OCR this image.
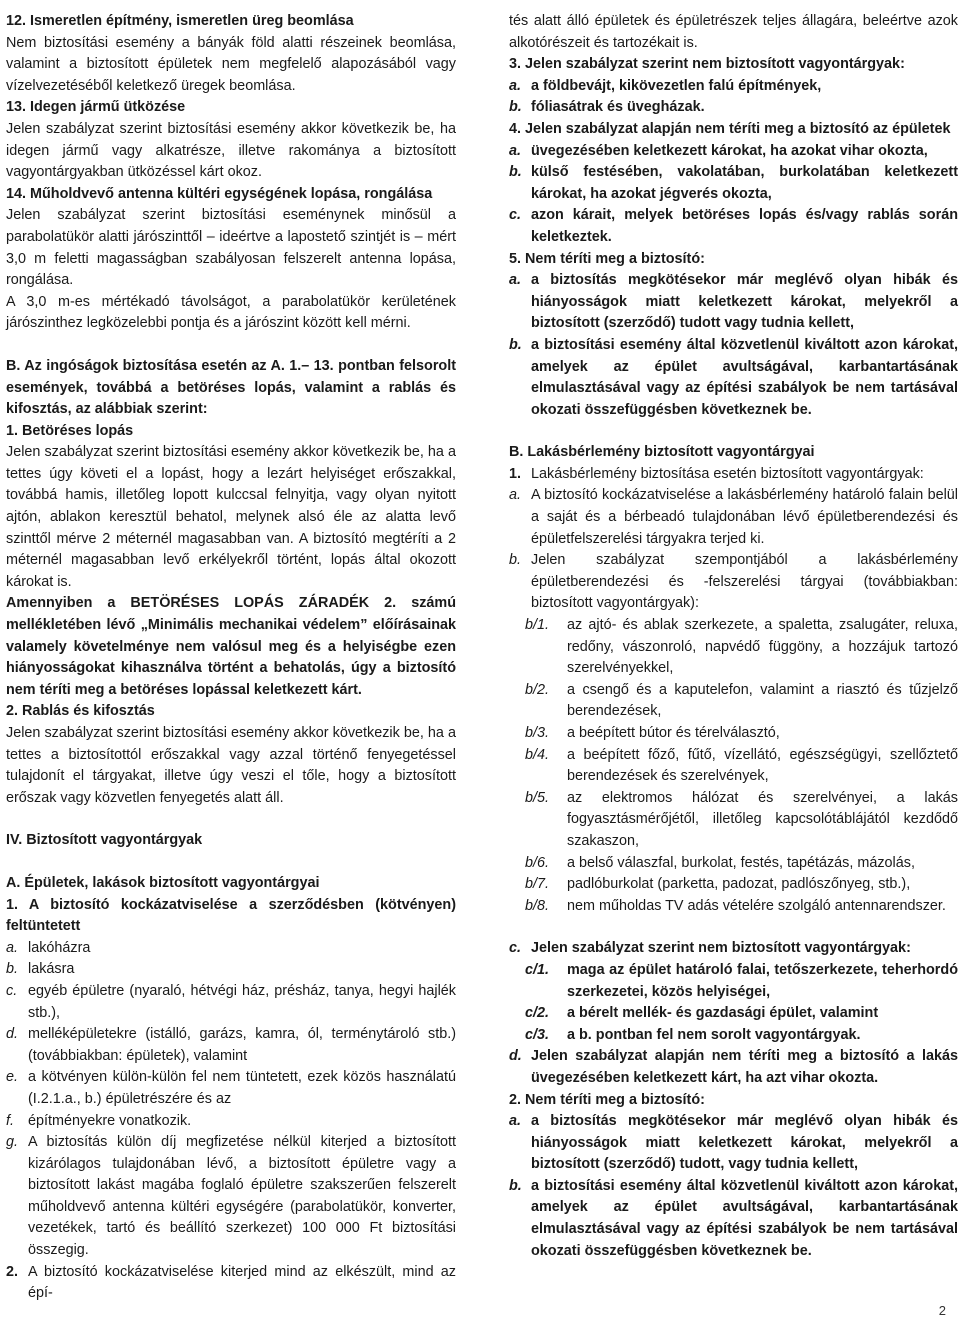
12. Ismeretlen építmény, ismeretlen üreg beomlása

Nem biztosítási esemény a bányák föld alatti részeinek beomlása, valamint a biztosított épületek nem megfelelő alapozásából vagy vízelvezetéséből keletkező üregek beomlása.

13. Idegen jármű ütközése

Jelen szabályzat szerint biztosítási esemény akkor következik be, ha idegen jármű vagy alkatrésze, illetve rakománya a biztosított vagyontárgyakban ütközéssel kárt okoz.

14. Műholdvevő antenna kültéri egységének lopása, rongálása

Jelen szabályzat szerint biztosítási eseménynek minősül a parabolatükör alatti járószinttől – ideértve a lapostető szintjét is – mért 3,0 m feletti magasságban szabályosan felszerelt antenna lopása, rongálása.

A 3,0 m-es mértékadó távolságot, a parabolatükör kerületének járószinthez legközelebbi pontja és a járószint között kell mérni.

B. Az ingóságok biztosítása esetén az A. 1.– 13. pontban felsorolt események, továbbá a betöréses lopás, valamint a rablás és kifosztás, az alábbiak szerint:

1. Betöréses lopás

Jelen szabályzat szerint biztosítási esemény akkor következik be, ha a tettes úgy követi el a lopást, hogy a lezárt helyiséget erőszakkal, továbbá hamis, illetőleg lopott kulccsal felnyitja, vagy olyan nyitott ajtón, ablakon keresztül behatol, melynek alsó éle az alatta levő szinttől mérve 2 méternél magasabban van. A biztosító megtéríti a 2 méternél magasabban levő erkélyekről történt, lopás által okozott károkat is.

Amennyiben a BETÖRÉSES LOPÁS ZÁRADÉK 2. számú mellékletében lévő „Minimális mechanikai védelem” előírásainak valamely követelménye nem valósul meg és a helyiségbe ezen hiányosságokat kihasználva történt a behatolás, úgy a biztosító nem téríti meg a betöréses lopással keletkezett kárt.

2. Rablás és kifosztás

Jelen szabályzat szerint biztosítási esemény akkor következik be, ha a tettes a biztosítottól erőszakkal vagy azzal történő fenyegetéssel tulajdonít el tárgyakat, illetve úgy veszi el tőle, hogy a biztosított erőszak vagy közvetlen fenyegetés alatt áll.

IV. Biztosított vagyontárgyak

A. Épületek, lakások biztosított vagyontárgyai

1. A biztosító kockázatviselése a szerződésben (kötvényen) feltüntetett

a. lakóházra

b. lakásra

c. egyéb épületre (nyaraló, hétvégi ház, présház, tanya, hegyi hajlék stb.),

d. melléképületekre (istálló, garázs, kamra, ól, terménytároló stb.) (továbbiakban: épületek), valamint

e. a kötvényen külön-külön fel nem tüntetett, ezek közös használatú (I.2.1.a., b.) épületrészére és az

f. építményekre vonatkozik.

g. A biztosítás külön díj megfizetése nélkül kiterjed a biztosított kizárólagos tulajdonában lévő, a biztosított épületre vagy a biztosított lakást magába foglaló épületre szakszerűen felszerelt műholdvevő antenna kültéri egységére (parabolatükör, konverter, vezetékek, tartó és beállító szerkezet) 100 000 Ft biztosítási összegig.

2. A biztosító kockázatviselése kiterjed mind az elkészült, mind az épí-

tés alatt álló épületek és épületrészek teljes állagára, beleértve azok alkotórészeit és tartozékait is.

3. Jelen szabályzat szerint nem biztosított vagyontárgyak:

a. a földbevájt, kikövezetlen falú építmények,

b. fóliasátrak és üvegházak.

4. Jelen szabályzat alapján nem téríti meg a biztosító az épületek

a. üvegezésében keletkezett károkat, ha azokat vihar okozta,

b. külső festésében, vakolatában, burkolatában keletkezett károkat, ha azokat jégverés okozta,

c. azon kárait, melyek betöréses lopás és/vagy rablás során keletkeztek.

5. Nem téríti meg a biztosító:

a. a biztosítás megkötésekor már meglévő olyan hibák és hiányosságok miatt keletkezett károkat, melyekről a biztosított (szerződő) tudott vagy tudnia kellett,

b. a biztosítási esemény által közvetlenül kiváltott azon károkat, amelyek az épület avultságával, karbantartásának elmulasztásával vagy az építési szabályok be nem tartásával okozati összefüggésben következnek be.

B. Lakásbérlemény biztosított vagyontárgyai

1. Lakásbérlemény biztosítása esetén biztosított vagyontárgyak:

a. A biztosító kockázatviselése a lakásbérlemény határoló falain belül a saját és a bérbeadó tulajdonában lévő épületberendezési és épületfelszerelési tárgyakra terjed ki.

b. Jelen szabályzat szempontjából a lakásbérlemény épületberendezési és -felszerelési tárgyai (továbbiakban: biztosított vagyontárgyak):

b/1.	az ajtó- és ablak szerkezete, a spaletta, zsalugáter, reluxa, redőny, vászonroló, napvédő függöny, a hozzájuk tartozó szerelvényekkel,

b/2.	a csengő és a kaputelefon, valamint a riasztó és tűzjelző berendezések,

b/3.	a beépített bútor és térelválasztó,

b/4.	a beépített főző, fűtő, vízellátó, egészségügyi, szellőztető berendezések és szerelvények,

b/5.	az elektromos hálózat és szerelvényei, a lakás fogyasztásmérőjétől, illetőleg kapcsolótáblájától kezdődő szakaszon,

b/6.	a belső válaszfal, burkolat, festés, tapétázás, mázolás,

b/7.	padlóburkolat (parketta, padozat, padlószőnyeg, stb.),

b/8.	nem műholdas TV adás vételére szolgáló antennarendszer.

c. Jelen szabályzat szerint nem biztosított vagyontárgyak:

c/1.	maga az épület határoló falai, tetőszerkezete, teherhordó szerkezetei, közös helyiségei,

c/2.	a bérelt mellék- és gazdasági épület, valamint

c/3.	a b. pontban fel nem sorolt vagyontárgyak.

d. Jelen szabályzat alapján nem téríti meg a biztosító a lakás üvegezésében keletkezett kárt, ha azt vihar okozta.

2. Nem téríti meg a biztosító:

a. a biztosítás megkötésekor már meglévő olyan hibák és hiányosságok miatt keletkezett károkat, melyekről a biztosított (szerződő) tudott, vagy tudnia kellett,

b. a biztosítási esemény által közvetlenül kiváltott azon károkat, amelyek az épület avultságával, karbantartásának elmulasztásával vagy az építési szabályok be nem tartásával okozati összefüggésben következnek be.

2
